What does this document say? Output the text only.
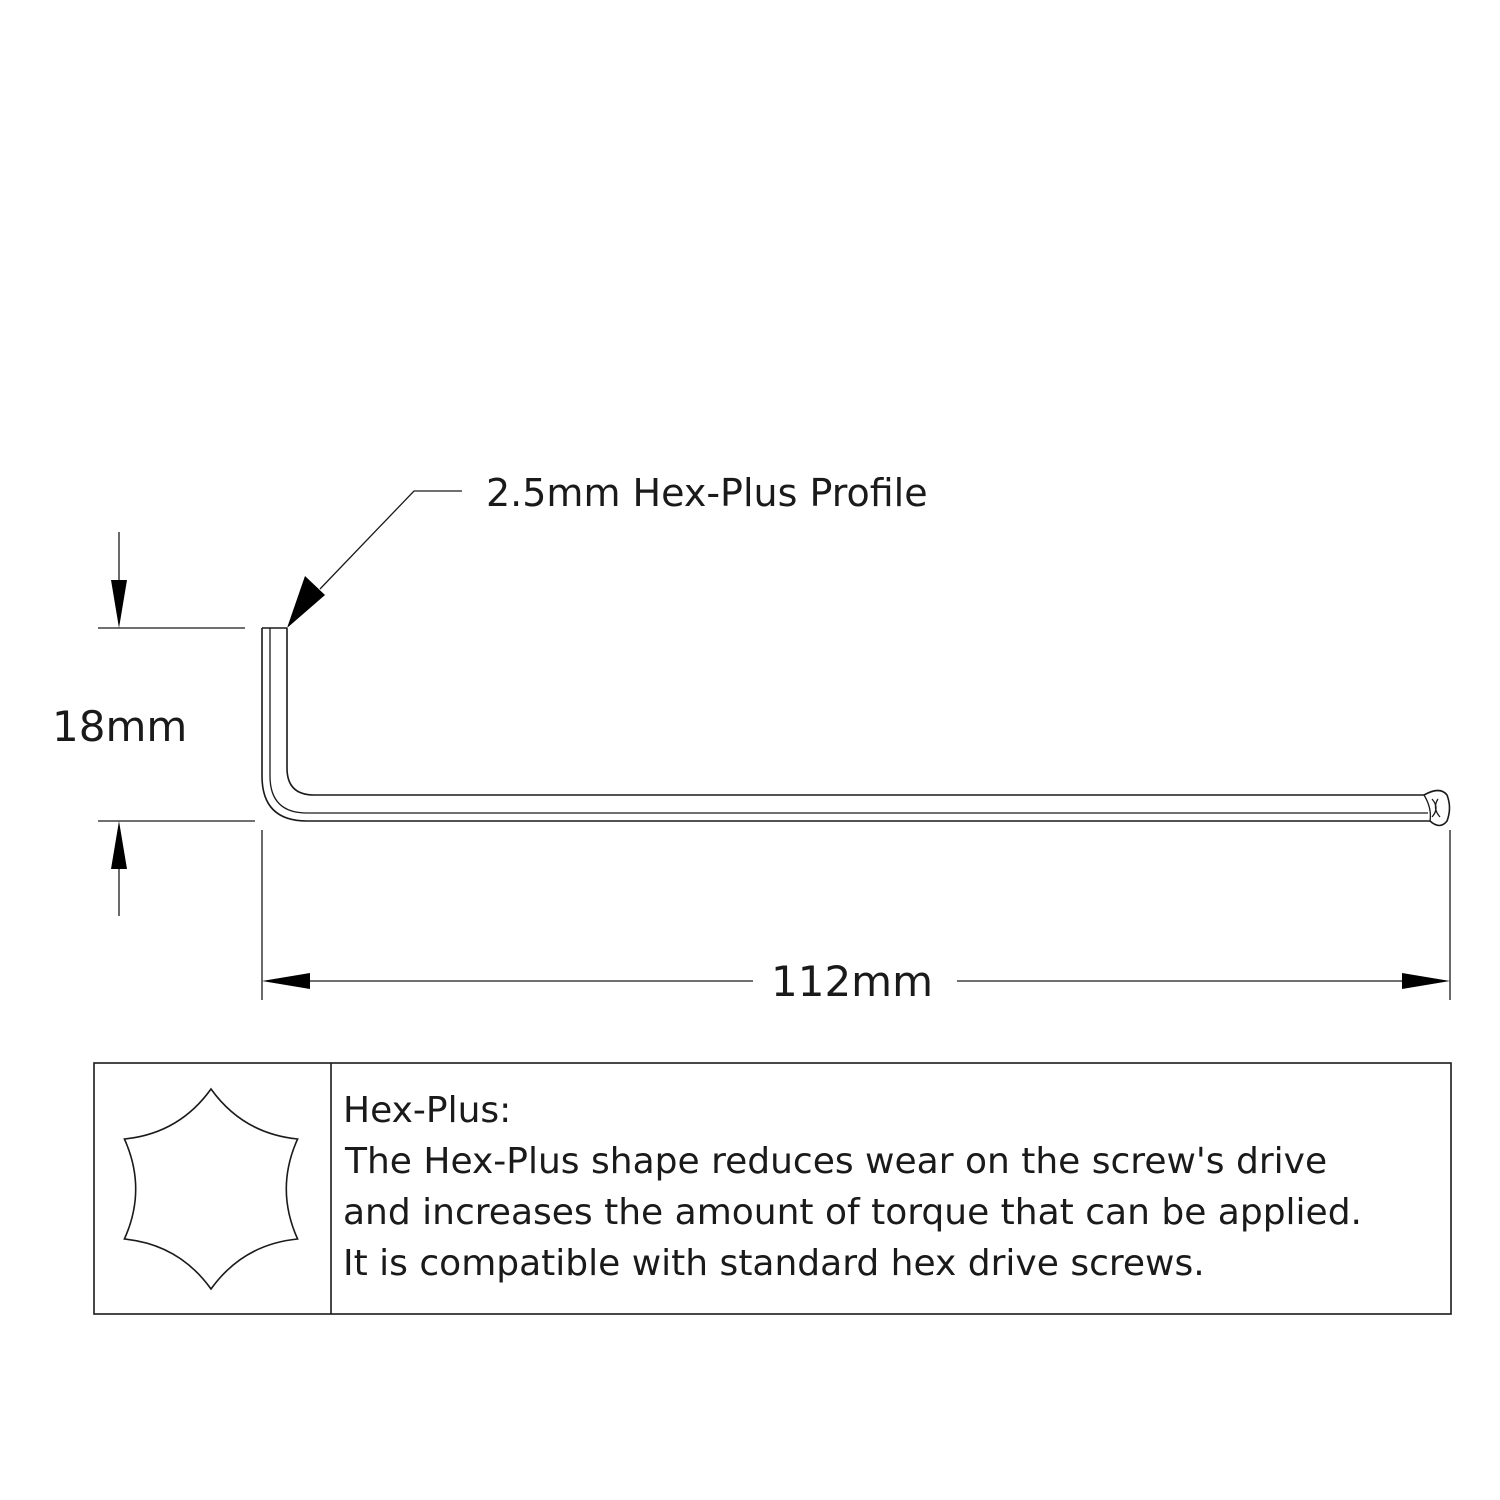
2.5mm Hex-Plus Profile
18mm
112mm
Hex-Plus:
The Hex-Plus shape reduces wear on the screw's drive
and increases the amount of torque that can be applied.
It is compatible with standard hex drive screws.
